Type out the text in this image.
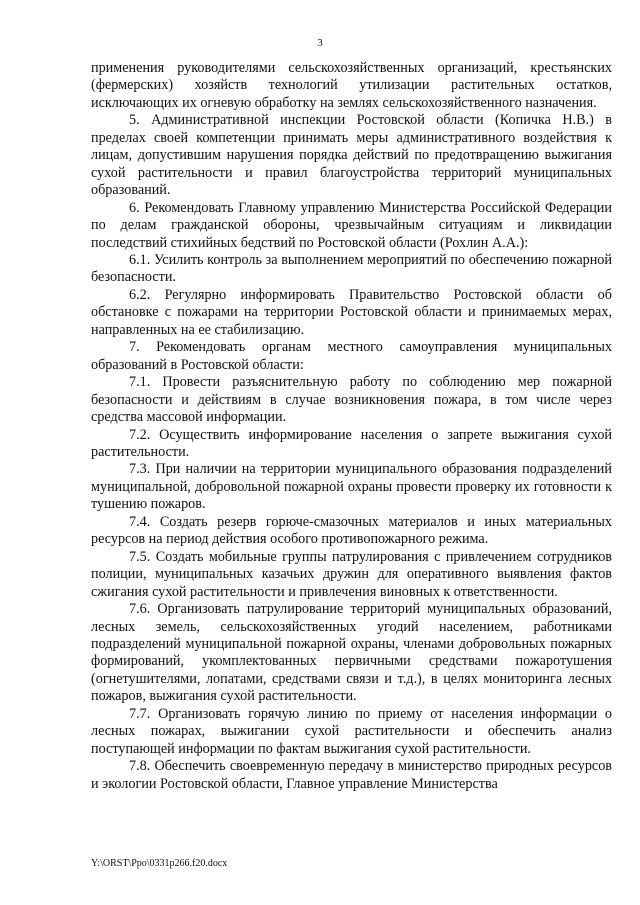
3

применения руководителями сельскохозяйственных организаций, крестьянских (фермерских) хозяйств технологий утилизации растительных остатков, исключающих их огневую обработку на землях сельскохозяйственного назначения.

5. Административной инспекции Ростовской области (Копичка Н.В.) в пределах своей компетенции принимать меры административного воздействия к лицам, допустившим нарушения порядка действий по предотвращению выжигания сухой растительности и правил благоустройства территорий муниципальных образований.

6. Рекомендовать Главному управлению Министерства Российской Федерации по делам гражданской обороны, чрезвычайным ситуациям и ликвидации последствий стихийных бедствий по Ростовской области (Рохлин А.А.):

6.1. Усилить контроль за выполнением мероприятий по обеспечению пожарной безопасности.

6.2. Регулярно информировать Правительство Ростовской области об обстановке с пожарами на территории Ростовской области и принимаемых мерах, направленных на ее стабилизацию.

7. Рекомендовать органам местного самоуправления муниципальных образований в Ростовской области:

7.1. Провести разъяснительную работу по соблюдению мер пожарной безопасности и действиям в случае возникновения пожара, в том числе через средства массовой информации.

7.2. Осуществить информирование населения о запрете выжигания сухой растительности.

7.3. При наличии на территории муниципального образования подразделений муниципальной, добровольной пожарной охраны провести проверку их готовности к тушению пожаров.

7.4. Создать резерв горюче-смазочных материалов и иных материальных ресурсов на период действия особого противопожарного режима.

7.5. Создать мобильные группы патрулирования с привлечением сотрудников полиции, муниципальных казачьих дружин для оперативного выявления фактов сжигания сухой растительности и привлечения виновных к ответственности.

7.6. Организовать патрулирование территорий муниципальных образований, лесных земель, сельскохозяйственных угодий населением, работниками подразделений муниципальной пожарной охраны, членами добровольных пожарных формирований, укомплектованных первичными средствами пожаротушения (огнетушителями, лопатами, средствами связи и т.д.), в целях мониторинга лесных пожаров, выжигания сухой растительности.

7.7. Организовать горячую линию по приему от населения информации о лесных пожарах, выжигании сухой растительности и обеспечить анализ поступающей информации по фактам выжигания сухой растительности.

7.8. Обеспечить своевременную передачу в министерство природных ресурсов и экологии Ростовской области, Главное управление Министерства

Y:\ORST\Ppo\0331p266.f20.docx
